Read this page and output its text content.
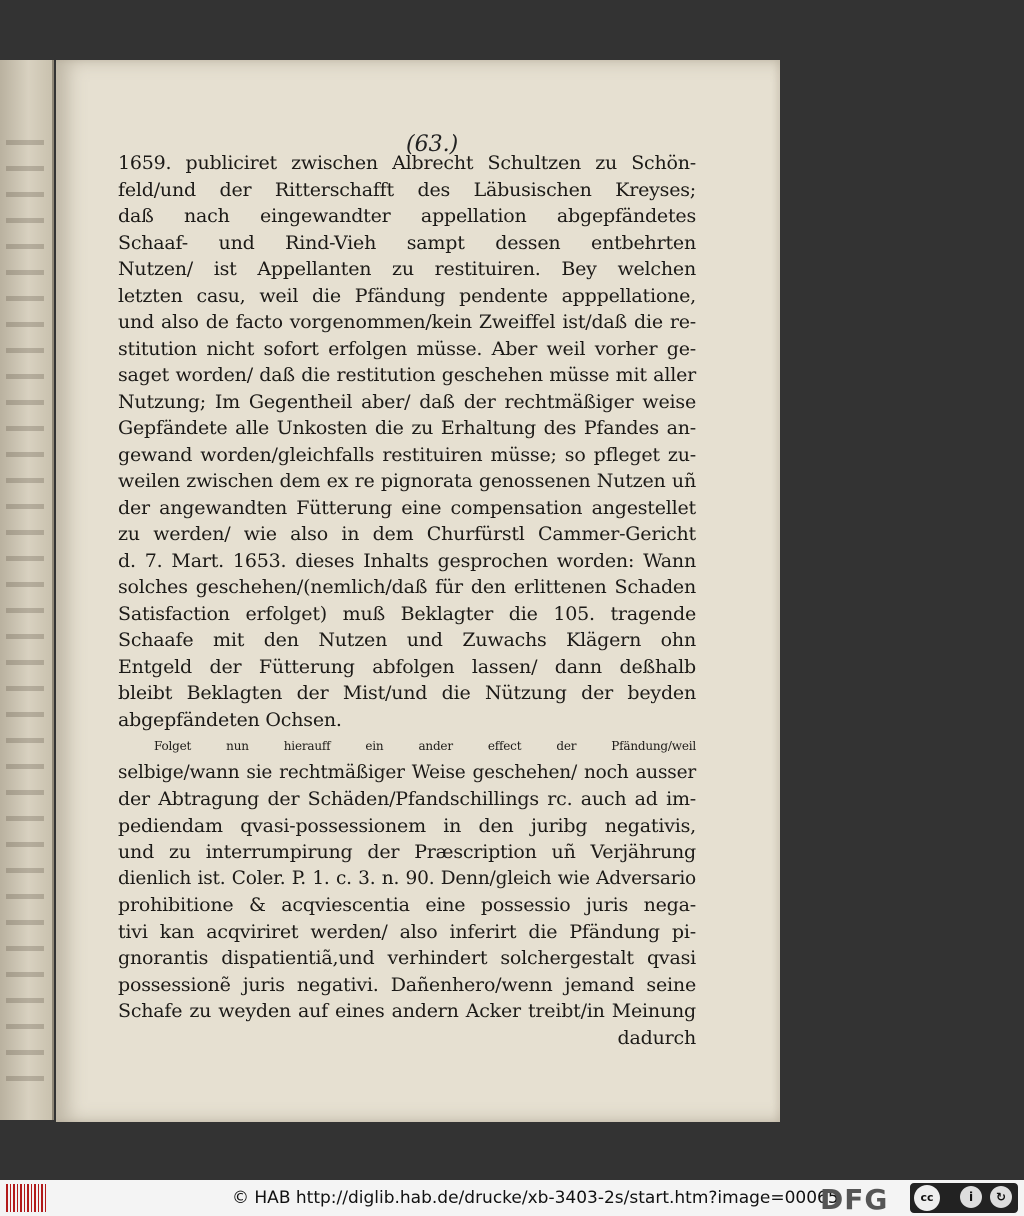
(63.)
1659. publiciret zwischen Albrecht Schultzen zu Schön-
feld/und der Ritterschafft des Läbusischen Kreyses;
daß nach eingewandter appellation abgepfändetes
Schaaf- und Rind-Vieh sampt dessen entbehrten
Nutzen/ ist Appellanten zu restituiren. Bey welchen
letzten casu, weil die Pfändung pendente apppellatione,
und also de facto vorgenommen/kein Zweiffel ist/daß die re-
stitution nicht sofort erfolgen müsse. Aber weil vorher ge-
saget worden/ daß die restitution geschehen müsse mit aller
Nutzung; Im Gegentheil aber/ daß der rechtmäßiger weise
Gepfändete alle Unkosten die zu Erhaltung des Pfandes an-
gewand worden/gleichfalls restituiren müsse; so pfleget zu-
weilen zwischen dem ex re pignorata genossenen Nutzen uñ
der angewandten Fütterung eine compensation angestellet
zu werden/ wie also in dem Churfürstl Cammer-Gericht
d. 7. Mart. 1653. dieses Inhalts gesprochen worden: Wann
solches geschehen/(nemlich/daß für den erlittenen Schaden
Satisfaction erfolget) muß Beklagter die 105. tragende
Schaafe mit den Nutzen und Zuwachs Klägern ohn
Entgeld der Fütterung abfolgen lassen/ dann deßhalb
bleibt Beklagten der Mist/und die Nützung der beyden
abgepfändeten Ochsen.
Folget nun hierauff ein ander effect der Pfändung/weil
selbige/wann sie rechtmäßiger Weise geschehen/ noch ausser
der Abtragung der Schäden/Pfandschillings rc. auch ad im-
pediendam qvasi-possessionem in den juribg negativis,
und zu interrumpirung der Præscription uñ Verjährung
dienlich ist. Coler. P. 1. c. 3. n. 90. Denn/gleich wie Adversario
prohibitione & acqviescentia eine possessio juris nega-
tivi kan acqviriret werden/ also inferirt die Pfändung pi-
gnorantis dispatientiã,und verhindert solchergestalt qvasi
possessionẽ juris negativi. Dañenhero/wenn jemand seine
Schafe zu weyden auf eines andern Acker treibt/in Meinung
dadurch
© HAB http://diglib.hab.de/drucke/xb-3403-2s/start.htm?image=00065
DFG	cc	i	↻
